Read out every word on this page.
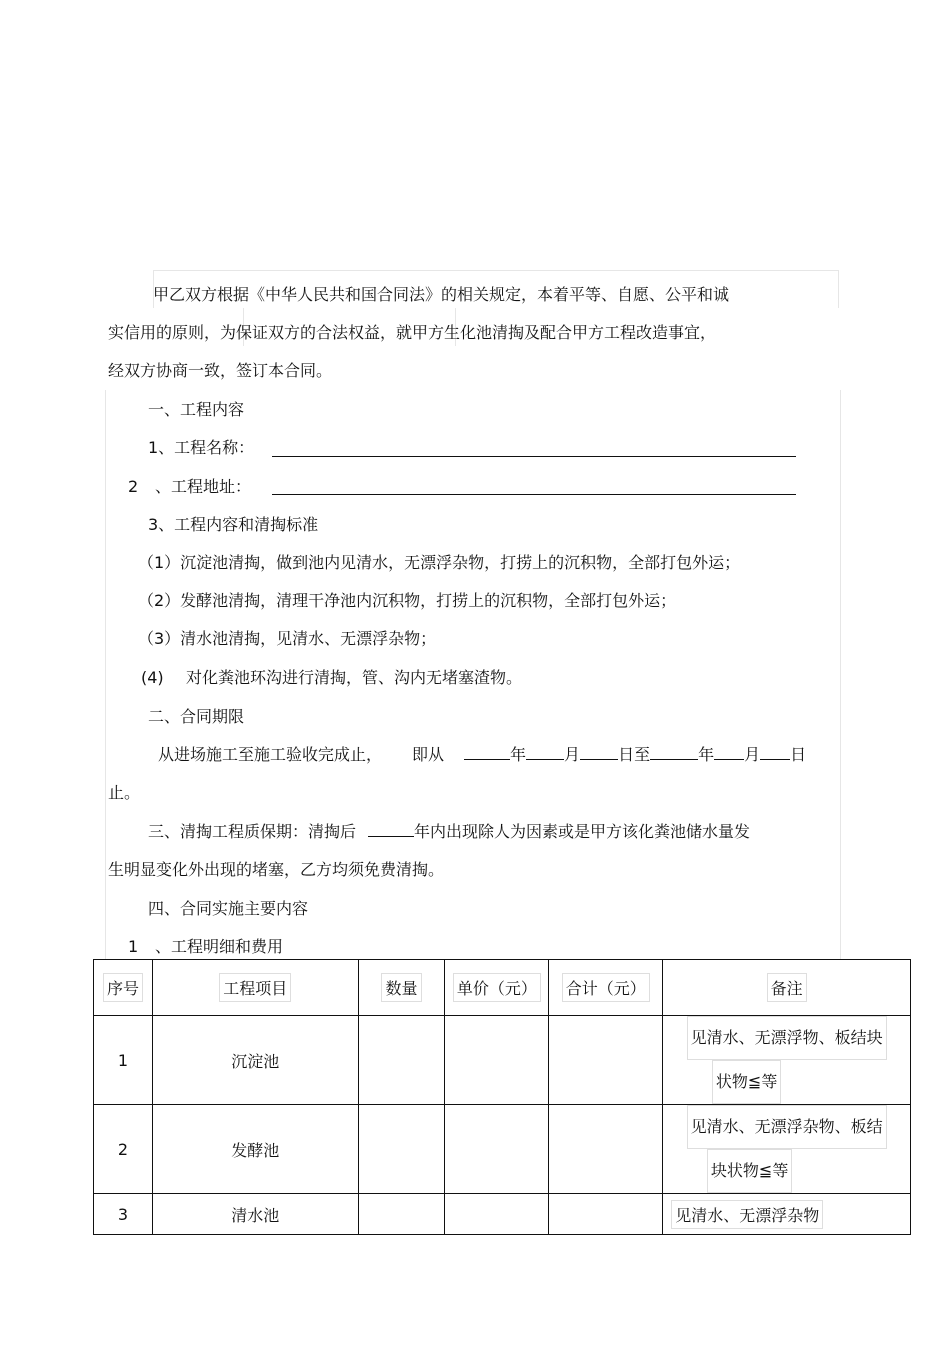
甲乙双方根据《中华人民共和国合同法》的相关规定，本着平等、自愿、公平和诚
实信用的原则，为保证双方的合法权益，就甲方生化池清掏及配合甲方工程改造事宜，
经双方协商一致，签订本合同。
一、工程内容
1、工程名称：
2 、工程地址：
3、工程内容和清掏标准
（1）沉淀池清掏，做到池内见清水，无漂浮杂物，打捞上的沉积物，全部打包外运；
（2）发酵池清掏，清理干净池内沉积物，打捞上的沉积物，全部打包外运；
（3）清水池清掏，见清水、无漂浮杂物；
(4) 对化粪池环沟进行清掏，管、沟内无堵塞渣物。
二、合同期限
从进场施工至施工验收完成止， 即从	年 月 日至	年 月 日
止。
三、清掏工程质保期：清掏后	年内出现除人为因素或是甲方该化粪池储水量发
生明显变化外出现的堵塞，乙方均须免费清掏。
四、合同实施主要内容
1 、工程明细和费用
序号	工程项目	数量	单价（元）	合计（元）	备注
1	沉淀池				见清水、无漂浮物、板结块
状物≦等
2	发酵池				见清水、无漂浮杂物、板结
块状物≦等
3	清水池				见清水、无漂浮杂物
